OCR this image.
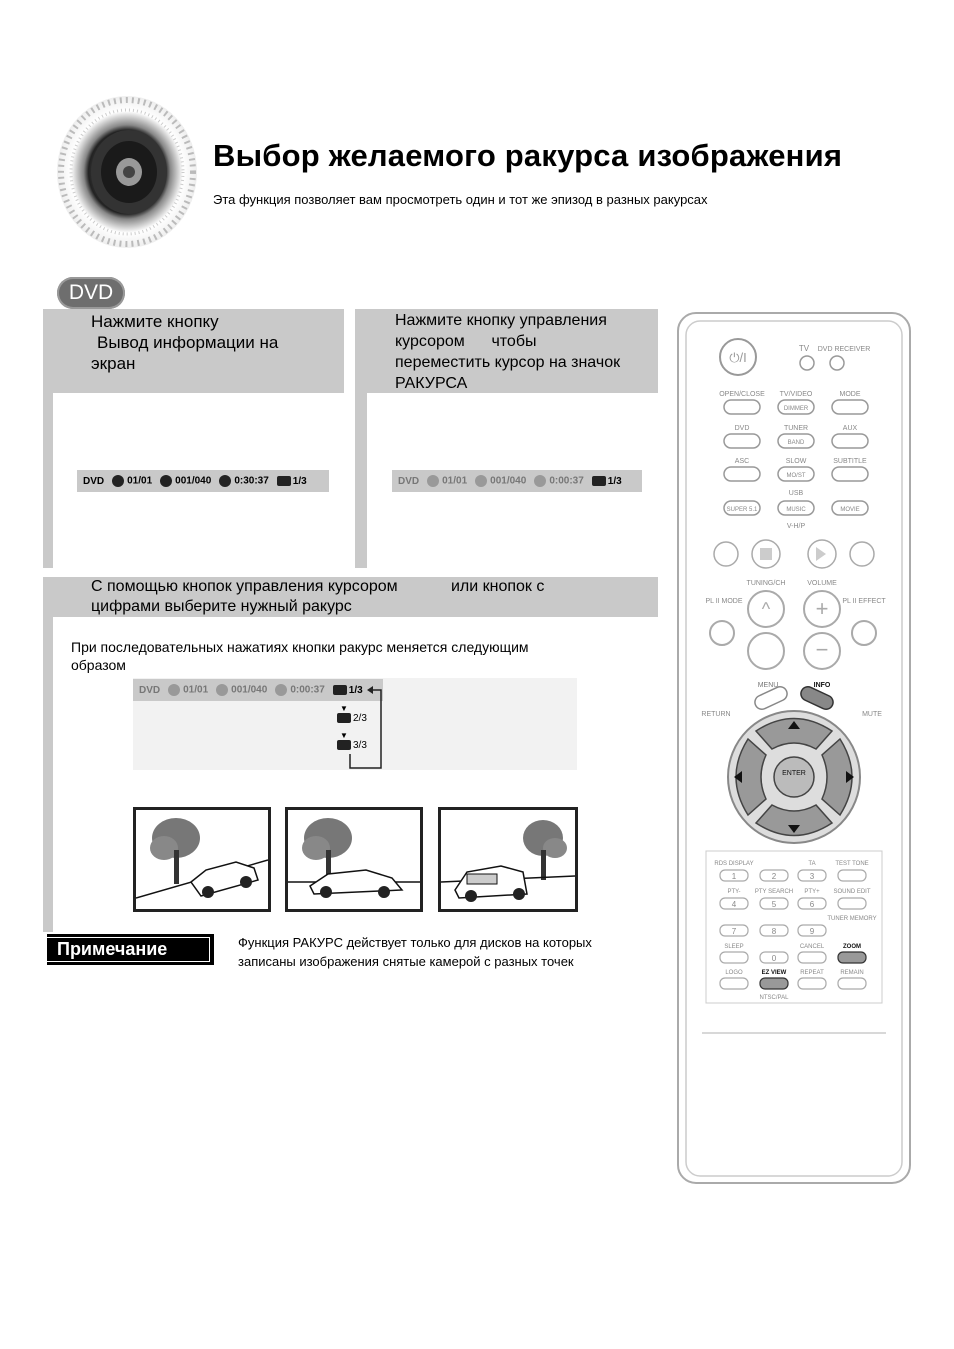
Выбор желаемого ракурса изображения
Эта функция позволяет вам просмотреть один и тот же эпизод в разных ракурсах
DVD
Нажмите кнопку
Вывод информации на
экран
DVD	01/01	001/040	0:30:37	1/3
Нажмите кнопку управления
курсором      чтобы
переместить курсор на значок
РАКУРСА
DVD	01/01	001/040	0:00:37	1/3
С помощью кнопок управления курсором            или кнопок с
цифрами выберите нужный ракурс
При последовательных нажатиях кнопки ракурс меняется следующим
образом
DVD	01/01	001/040	0:00:37	1/3
▼
2/3
▼
3/3
Примечание	Функция РАКУРС действует только для дисков на которых
записаны изображения снятые камерой с разных точек
⏻/I
TV DVD RECEIVER
OPEN/CLOSE TV/VIDEO	MODE
DVD	TUNER	AUX
ASC	SLOW	SUBTITLE
USB
V-H/P
DIMMER
BAND
MO/ST
SUPER 5.1	MUSIC	MOVIE
TUNING/CH	VOLUME
PL II MODE	PL II EFFECT
^ +
−
MENU	INFO
RETURN	MUTE
ENTER
RDS DISPLAY	TA	TEST TONE
PTY- PTY SEARCH PTY+ SOUND EDIT
TUNER MEMORY
SLEEP	CANCEL	ZOOM
LOGO	EZ VIEW REPEAT	REMAIN
NTSC/PAL
1	2	3
4	5	6
7	8	9
0
